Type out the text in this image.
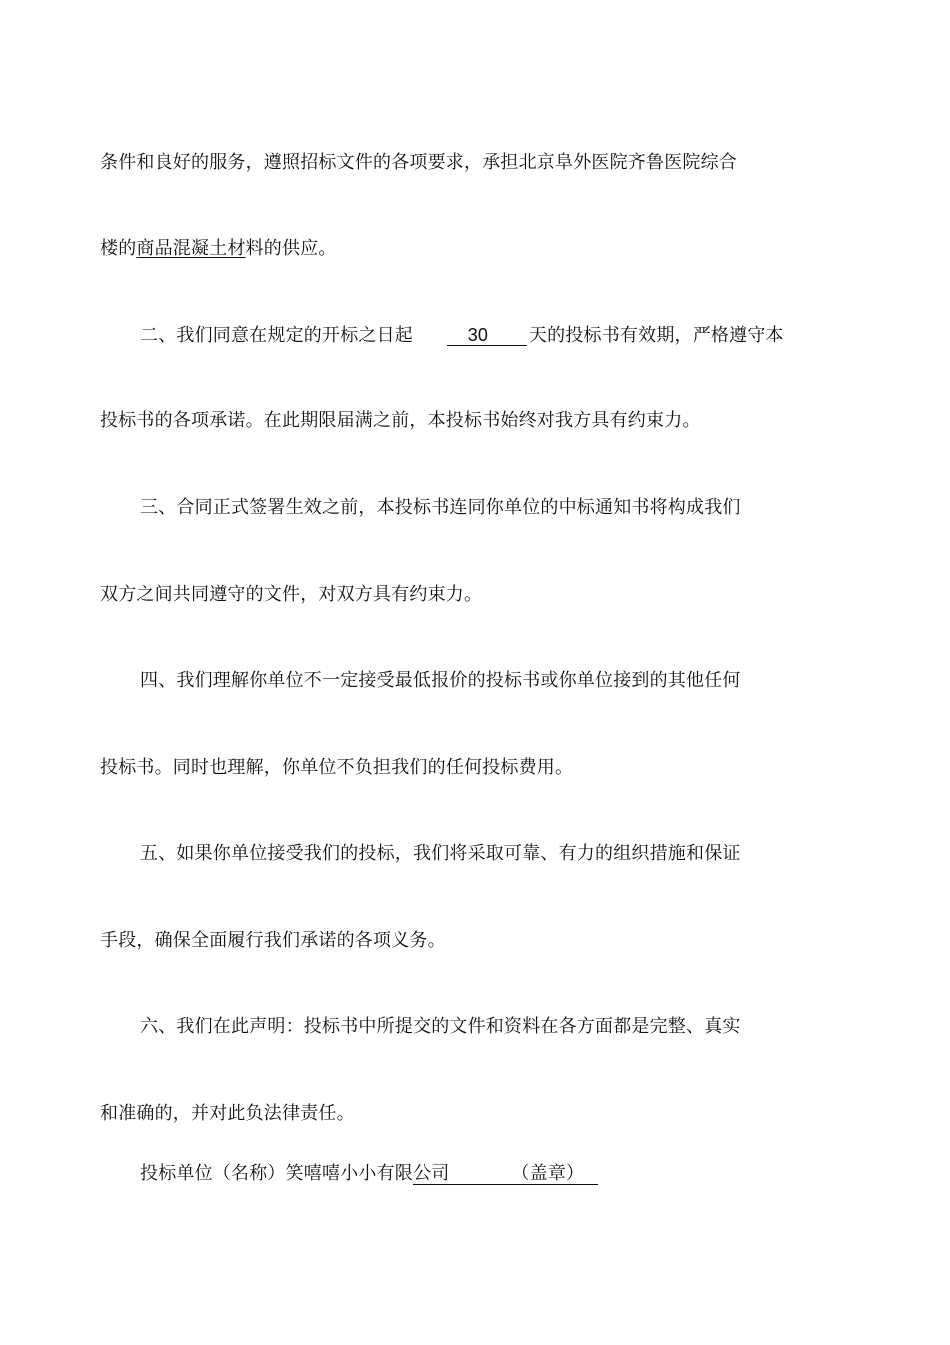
条件和良好的服务，遵照招标文件的各项要求，承担北京阜外医院齐鲁医院综合
楼的商品混凝土材料的供应。
二、我们同意在规定的开标之日起	30 天的投标书有效期，严格遵守本
投标书的各项承诺。在此期限届满之前，本投标书始终对我方具有约束力。
三、合同正式签署生效之前，本投标书连同你单位的中标通知书将构成我们
双方之间共同遵守的文件，对双方具有约束力。
四、我们理解你单位不一定接受最低报价的投标书或你单位接到的其他任何
投标书。同时也理解，你单位不负担我们的任何投标费用。
五、如果你单位接受我们的投标，我们将采取可靠、有力的组织措施和保证
手段，确保全面履行我们承诺的各项义务。
六、我们在此声明：投标书中所提交的文件和资料在各方面都是完整、真实
和准确的，并对此负法律责任。
投标单位（名称）笑嘻嘻小小有限公司	（盖章）
